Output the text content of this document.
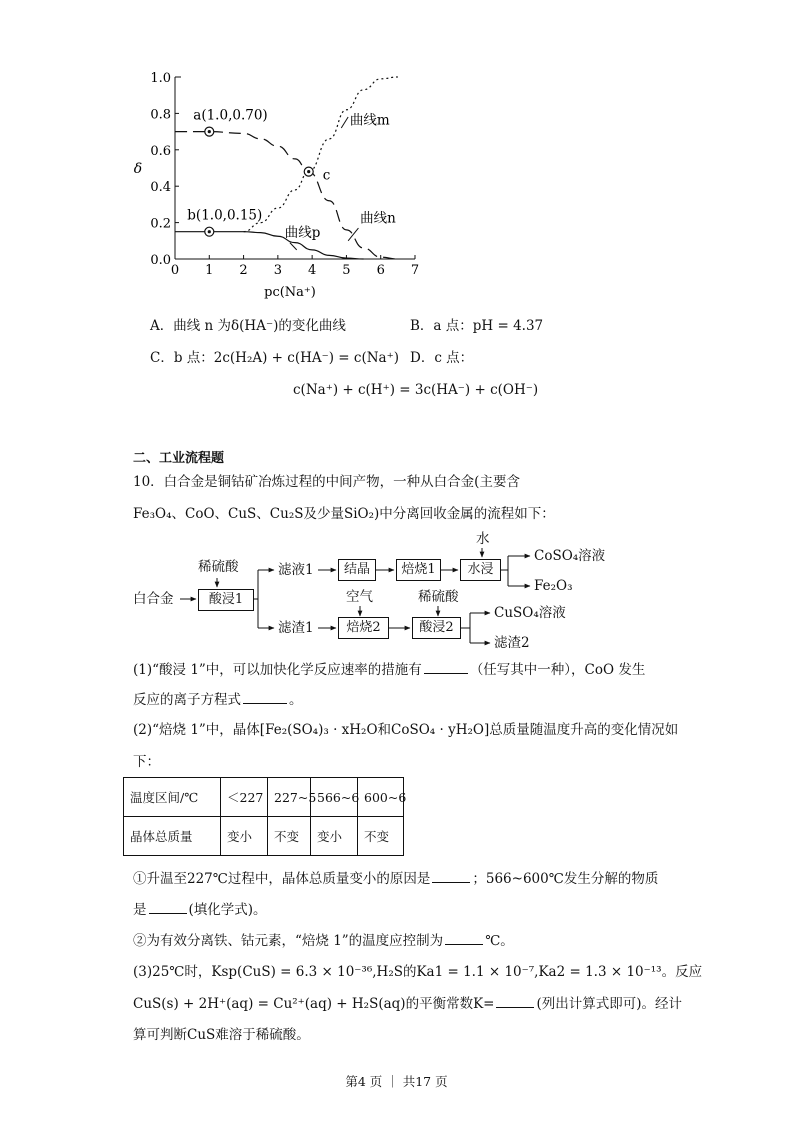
0 1 2 3 4 5 6 7
0.0
0.2
0.4
0.6
0.8
1.0
pc(Na⁺)
δ
a(1.0,0.70)
b(1.0,0.15)
c
曲线m
曲线n
曲线p
A．曲线 n 为δ(HA⁻)的变化曲线	B．a 点：pH = 4.37
C．b 点：2c(H₂A) + c(HA⁻) = c(Na⁺) D．c 点：
c(Na⁺) + c(H⁺) = 3c(HA⁻) + c(OH⁻)
二、工业流程题
10．白合金是铜钴矿冶炼过程的中间产物，一种从白合金(主要含
Fe₃O₄、CoO、CuS、Cu₂S及少量SiO₂)中分离回收金属的流程如下：
白合金
稀硫酸
酸浸1
滤液1	结晶	焙烧1
水
水浸
CoSO₄溶液
Fe₂O₃
滤渣1
空气
焙烧2
稀硫酸
酸浸2
CuSO₄溶液
滤渣2
(1)“酸浸 1”中，可以加快化学反应速率的措施有	（任写其中一种），CoO 发生
反应的离子方程式	。
(2)“焙烧 1”中，晶体[Fe₂(SO₄)₃ · xH₂O和CoSO₄ · yH₂O]总质量随温度升高的变化情况如
下：
温度区间/℃	＜227	227~5	566~6	600~6
晶体总质量	变小	不变	变小	不变
①升温至227℃过程中，晶体总质量变小的原因是	；566~600℃发生分解的物质
是	(填化学式)。
②为有效分离铁、钴元素，“焙烧 1”的温度应控制为	℃。
(3)25℃时，Ksp(CuS) = 6.3 × 10⁻³⁶,H₂S的Ka1 = 1.1 × 10⁻⁷,Ka2 = 1.3 × 10⁻¹³。反应
CuS(s) + 2H⁺(aq) = Cu²⁺(aq) + H₂S(aq)的平衡常数K=	(列出计算式即可)。经计
算可判断CuS难溶于稀硫酸。
第4 页 ｜ 共17 页
